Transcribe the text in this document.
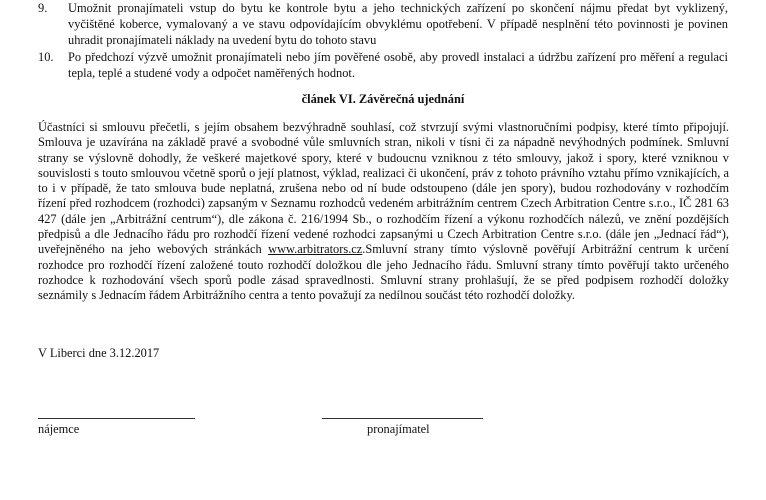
9.	Umožnit pronajímateli vstup do bytu ke kontrole bytu a jeho technických zařízení po skončení nájmu předat byt vyklizený, vyčištěné koberce, vymalovaný a ve stavu odpovídajícím obvyklému opotřebení. V případě nesplnění této povinnosti je povinen uhradit pronajímateli náklady na uvedení bytu do tohoto stavu
10.	Po předchozí výzvě umožnit pronajímateli nebo jím pověřené osobě, aby provedl instalaci a údržbu zařízení pro měření a regulaci tepla, teplé a studené vody a odpočet naměřených hodnot.
článek VI. Závěrečná ujednání
Účastníci si smlouvu přečetli, s jejím obsahem bezvýhradně souhlasí, což stvrzují svými vlastnoručními podpisy, které tímto připojují. Smlouva je uzavírána na základě pravé a svobodné vůle smluvních stran, nikoli v tísni či za nápadně nevýhodných podmínek. Smluvní strany se výslovně dohodly, že veškeré majetkové spory, které v budoucnu vzniknou z této smlouvy, jakož i spory, které vzniknou v souvislosti s touto smlouvou včetně sporů o její platnost, výklad, realizaci či ukončení, práv z tohoto právního vztahu přímo vznikajících, a to i v případě, že tato smlouva bude neplatná, zrušena nebo od ní bude odstoupeno (dále jen spory), budou rozhodovány v rozhodčím řízení před rozhodcem (rozhodci) zapsaným v Seznamu rozhodců vedeném arbitrážním centrem Czech Arbitration Centre s.r.o., IČ 281 63 427 (dále jen „Arbitrážní centrum“), dle zákona č. 216/1994 Sb., o rozhodčím řízení a výkonu rozhodčích nálezů, ve znění pozdějších předpisů a dle Jednacího řádu pro rozhodčí řízení vedené rozhodci zapsanými u Czech Arbitration Centre s.r.o. (dále jen „Jednací řád“), uveřejněného na jeho webových stránkách www.arbitrators.cz.Smluvní strany tímto výslovně pověřují Arbitrážní centrum k určení rozhodce pro rozhodčí řízení založené touto rozhodčí doložkou dle jeho Jednacího řádu. Smluvní strany tímto pověřují takto určeného rozhodce k rozhodování všech sporů podle zásad spravedlnosti. Smluvní strany prohlašují, že se před podpisem rozhodčí doložky seznámily s Jednacím řádem Arbitrážního centra a tento považují za nedílnou součást této rozhodčí doložky.
V Liberci dne 3.12.2017
nájemce	pronajímatel
